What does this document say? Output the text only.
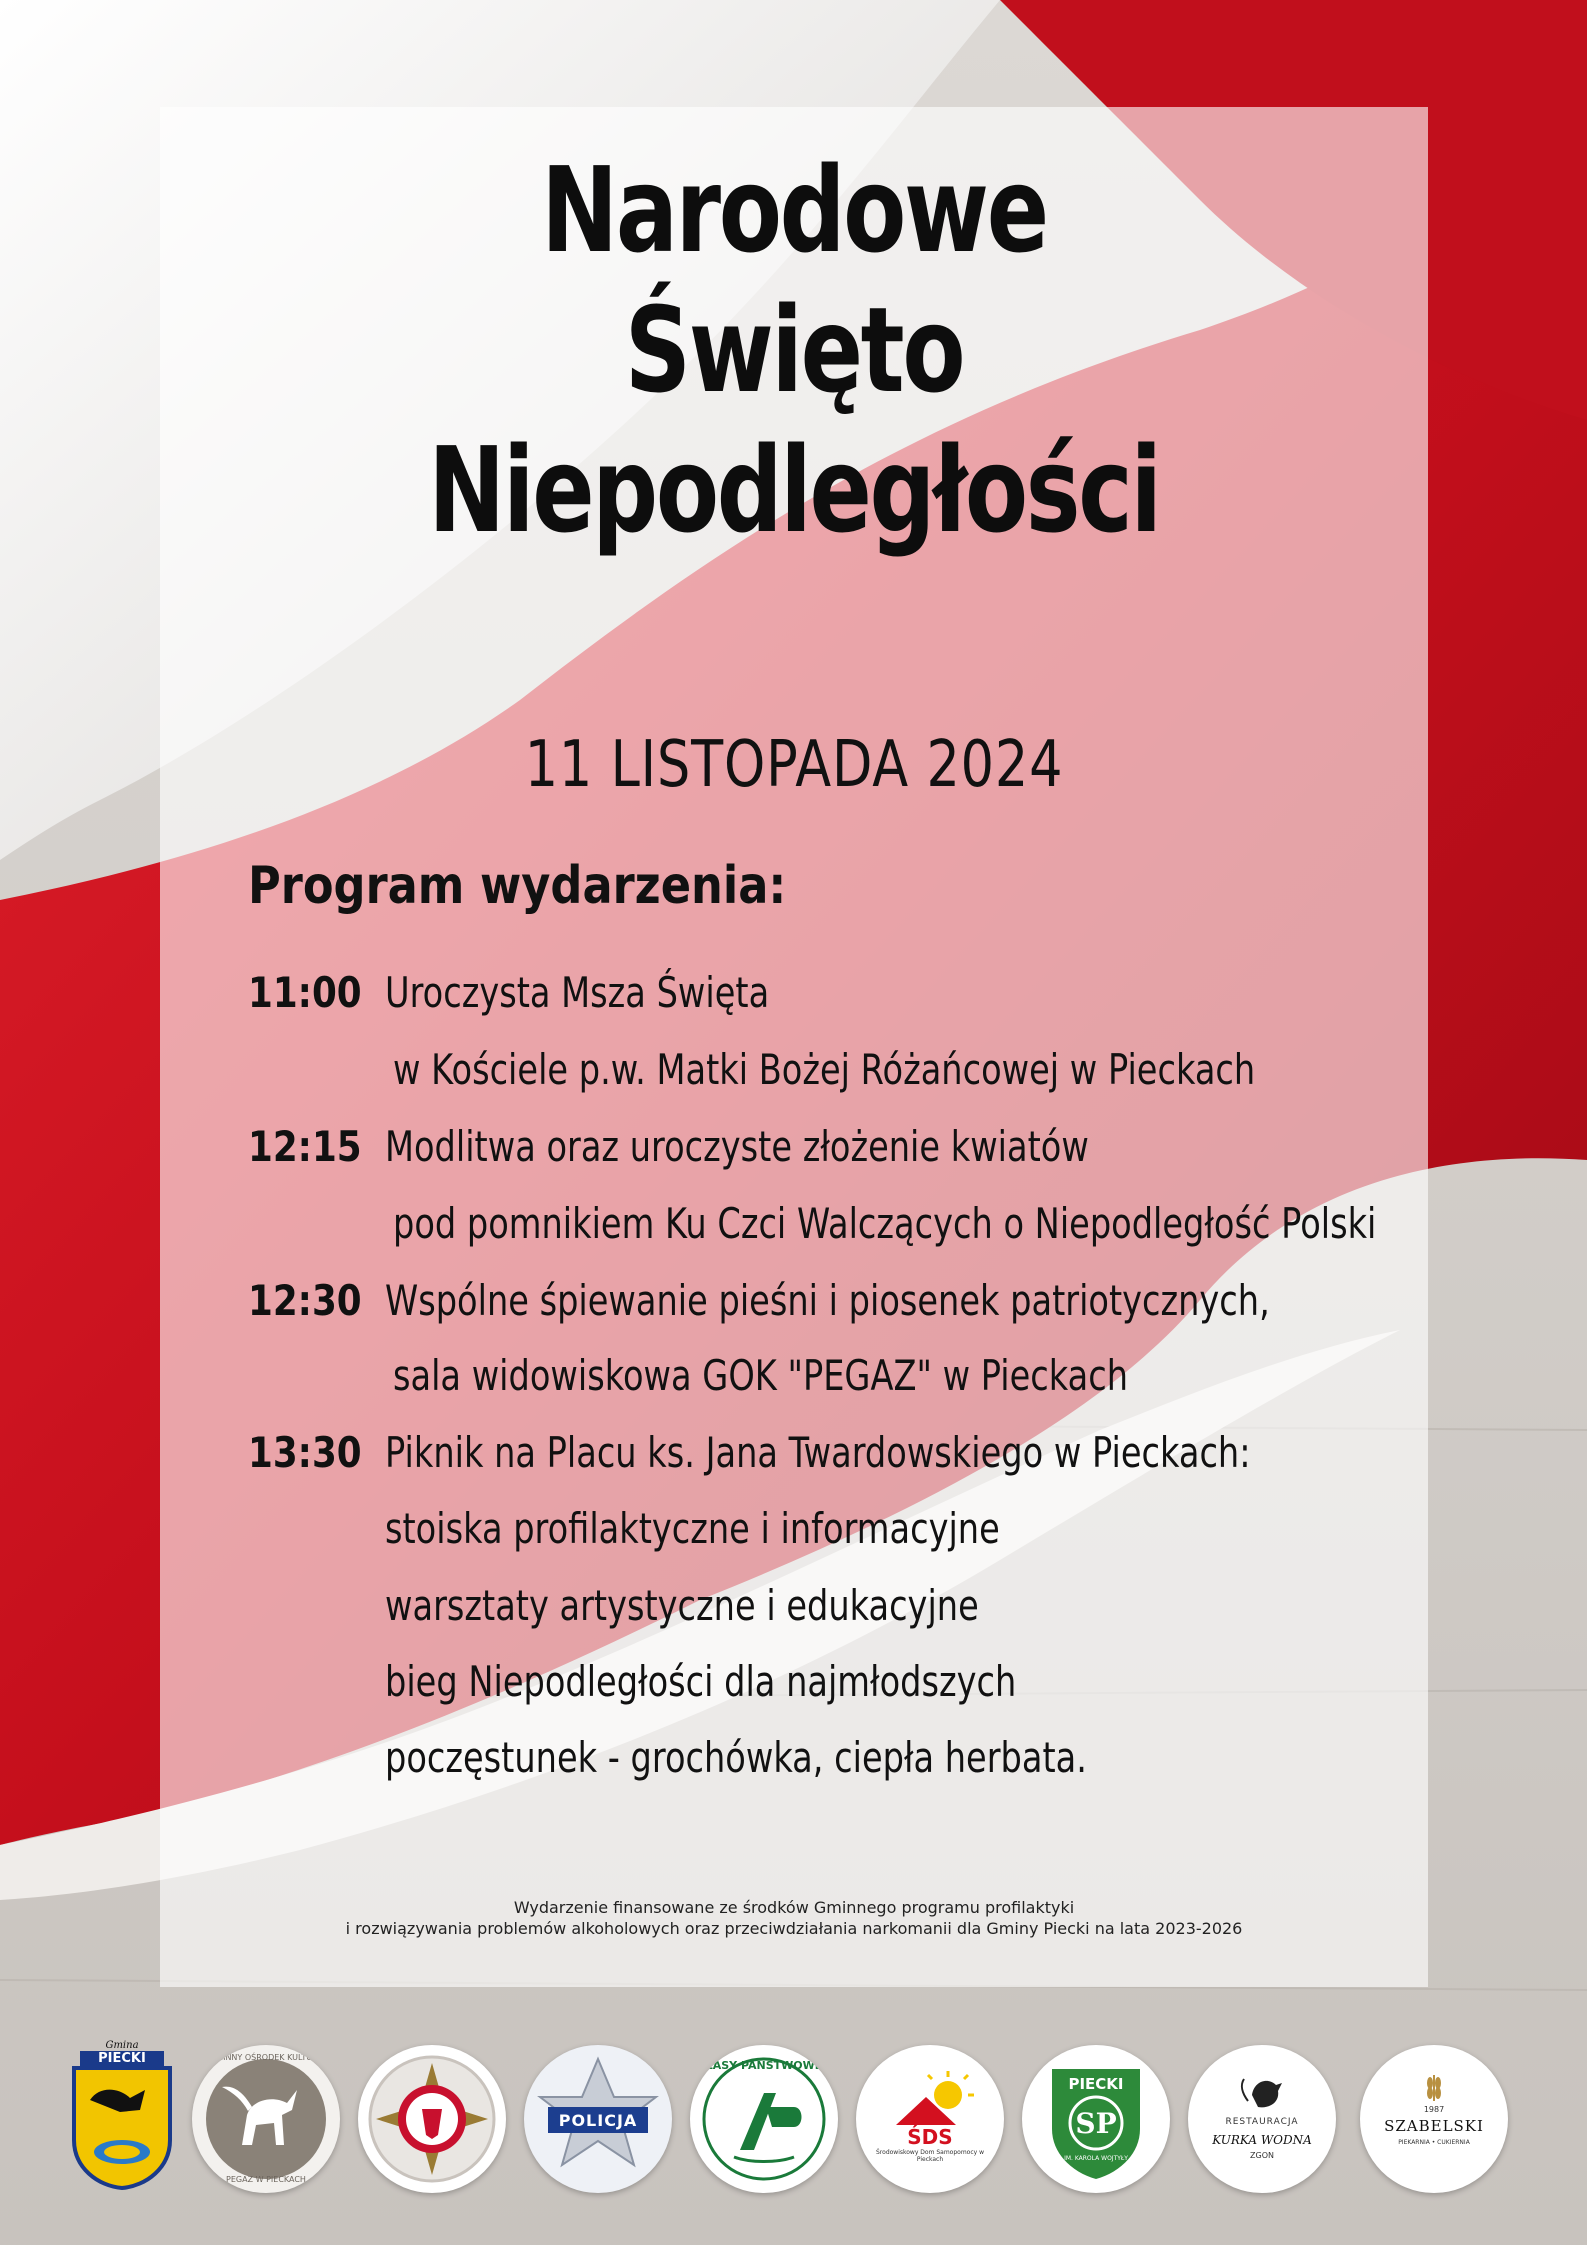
Narodowe
Święto
Niepodległości
11 LISTOPADA 2024
Program wydarzenia:
11:00 Uroczysta Msza Święta
w Kościele p.w. Matki Bożej Różańcowej w Pieckach
12:15 Modlitwa oraz uroczyste złożenie kwiatów
pod pomnikiem Ku Czci Walczących o Niepodległość Polski
12:30 Wspólne śpiewanie pieśni i piosenek patriotycznych,
sala widowiskowa GOK "PEGAZ" w Pieckach
13:30 Piknik na Placu ks. Jana Twardowskiego w Pieckach:
stoiska profilaktyczne i informacyjne
warsztaty artystyczne i edukacyjne
bieg Niepodległości dla najmłodszych
poczęstunek - grochówka, ciepła herbata.
Wydarzenie finansowane ze środków Gminnego programu profilaktyki
i rozwiązywania problemów alkoholowych oraz przeciwdziałania narkomanii dla Gminy Piecki na lata 2023-2026
Gmina
PIECKI	GMINNY OŚRODEK KULTURY
PEGAZ W PIECKACH
POLICJA
LASY PAŃSTWOWE
ŚDS
Środowiskowy Dom Samopomocy w Pieckach
PIECKI
SP
IM. KAROLA WOJTYŁY
RESTAURACJA
KURKA WODNA
ZGON
1987
SZABELSKI
PIEKARNIA • CUKIERNIA
